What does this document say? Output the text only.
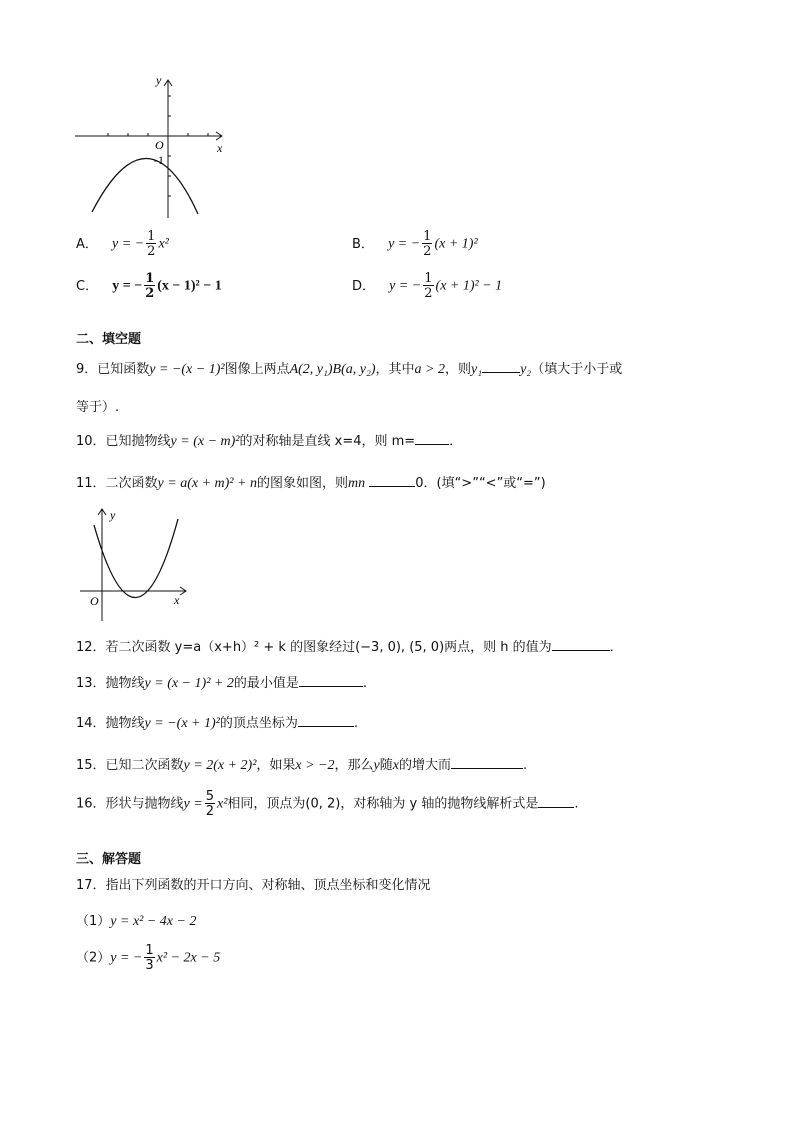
y
x
O
-1
A． y = − $\frac{1}{2} x^2$	B． y = − $\frac{1}{2} (x + 1)^2$
C． y = − $\frac{1}{2} (x - 1)^2 - 1$	D． y = − $\frac{1}{2} (x + 1)^2 - 1$
二、填空题
9．已知函数y = −(x − 1)²图像上两点A(2, y₁)B(a, y₂)，其中a > 2，则y₁	y₂（填大于小于或
等于）.
10．已知抛物线y = (x − m)²的对称轴是直线 x=4，则 m=	．
11．二次函数y = a(x + m)² + n的图象如图，则mn	0．(填“>”“<”或“=”)
y
x
O
12．若二次函数 y=a（x+h）² + k 的图象经过(−3, 0), (5, 0)两点，则 h 的值为	．
13．抛物线y = (x − 1)² + 2的最小值是	.
14．抛物线y = −(x + 1)²的顶点坐标为	.
15．已知二次函数y = 2(x + 2)²，如果x > −2，那么y随x的增大而	.
16．形状与抛物线$y = \frac{5}{2} x^2$相同，顶点为(0, 2)，对称轴为 y 轴的抛物线解析式是	.
三、解答题
17．指出下列函数的开口方向、对称轴、顶点坐标和变化情况
（1）y = x² − 4x − 2
（2）y = − $\frac{1}{3} x^2 - 2x - 5$
